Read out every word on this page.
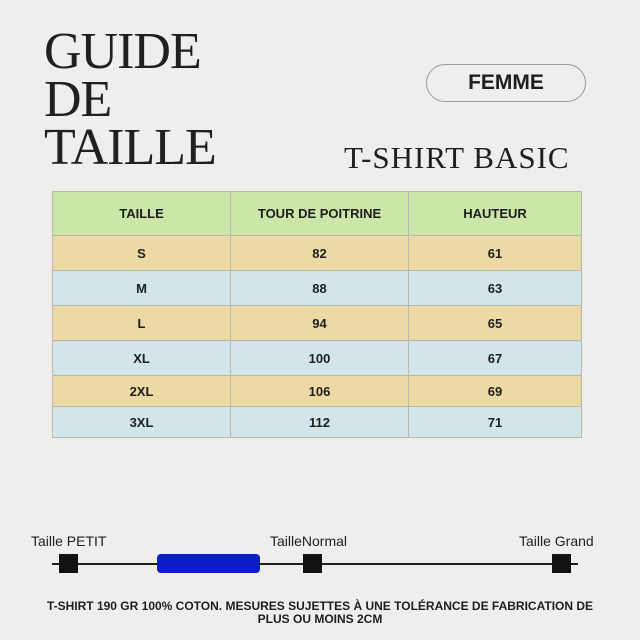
GUIDE
DE
TAILLE
FEMME
T-SHIRT BASIC
TAILLE	TOUR DE POITRINE	HAUTEUR
S	82	61
M	88	63
L	94	65
XL	100	67
2XL	106	69
3XL	112	71
Taille PETIT	TailleNormal	Taille Grand
T-SHIRT 190 GR 100% COTON. MESURES SUJETTES À UNE TOLÉRANCE DE FABRICATION DE PLUS OU MOINS 2CM
